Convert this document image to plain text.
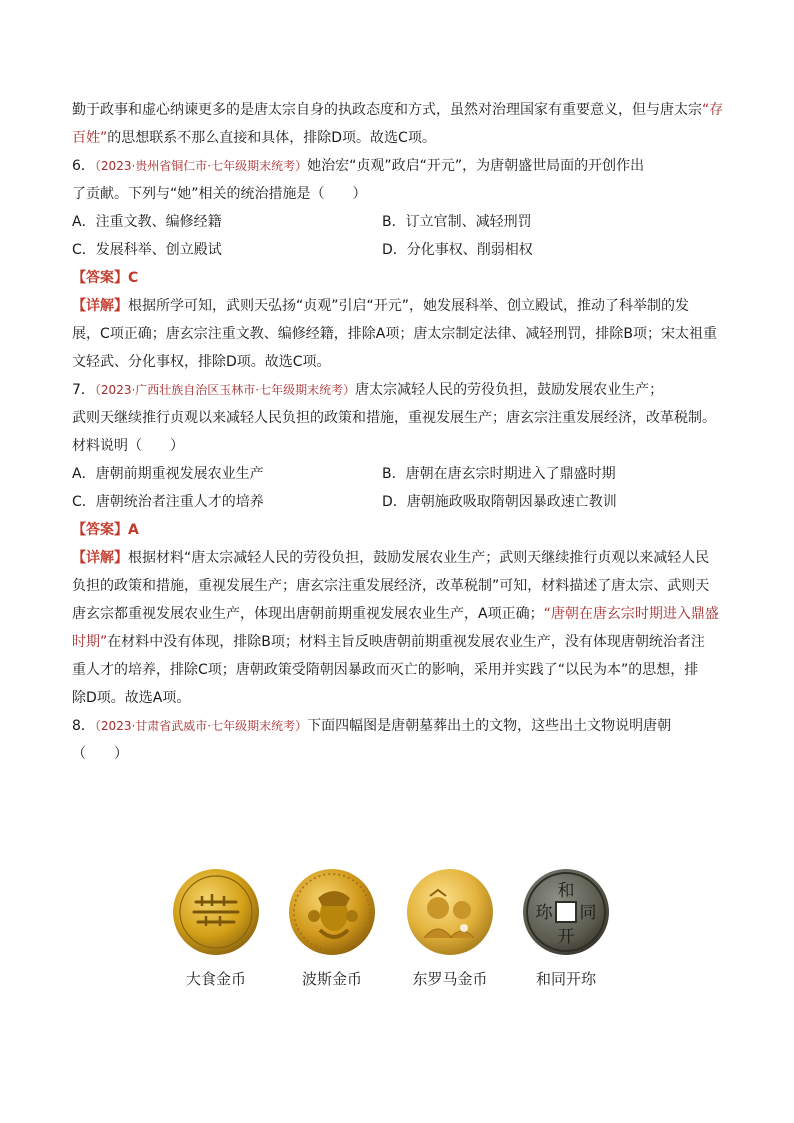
勤于政事和虚心纳谏更多的是唐太宗自身的执政态度和方式，虽然对治理国家有重要意义，但与唐太宗“存
百姓”的思想联系不那么直接和具体，排除D项。故选C项。
6．（2023·贵州省铜仁市·七年级期末统考）她治宏“贞观”政启“开元”，为唐朝盛世局面的开创作出
了贡献。下列与“她”相关的统治措施是（　　）
A．注重文教、编修经籍	B．订立官制、减轻刑罚
C．发展科举、创立殿试	D．分化事权、削弱相权
【答案】C
【详解】根据所学可知，武则天弘扬“贞观”引启“开元”，她发展科举、创立殿试，推动了科举制的发
展，C项正确；唐玄宗注重文教、编修经籍，排除A项；唐太宗制定法律、减轻刑罚，排除B项；宋太祖重
文轻武、分化事权，排除D项。故选C项。
7．（2023·广西壮族自治区玉林市·七年级期末统考）唐太宗减轻人民的劳役负担，鼓励发展农业生产；
武则天继续推行贞观以来减轻人民负担的政策和措施，重视发展生产；唐玄宗注重发展经济，改革税制。
材料说明（　　）
A．唐朝前期重视发展农业生产	B．唐朝在唐玄宗时期进入了鼎盛时期
C．唐朝统治者注重人才的培养	D．唐朝施政吸取隋朝因暴政速亡教训
【答案】A
【详解】根据材料“唐太宗减轻人民的劳役负担，鼓励发展农业生产；武则天继续推行贞观以来减轻人民
负担的政策和措施，重视发展生产；唐玄宗注重发展经济，改革税制”可知，材料描述了唐太宗、武则天
唐玄宗都重视发展农业生产，体现出唐朝前期重视发展农业生产，A项正确；“唐朝在唐玄宗时期进入鼎盛
时期”在材料中没有体现，排除B项；材料主旨反映唐朝前期重视发展农业生产，没有体现唐朝统治者注
重人才的培养，排除C项；唐朝政策受隋朝因暴政而灭亡的影响，采用并实践了“以民为本”的思想，排
除D项。故选A项。
8．（2023·甘肃省武威市·七年级期末统考）下面四幅图是唐朝墓葬出土的文物，这些出土文物说明唐朝
（　　）
和
同
开
珎
大食金币	波斯金币	东罗马金币	和同开珎
